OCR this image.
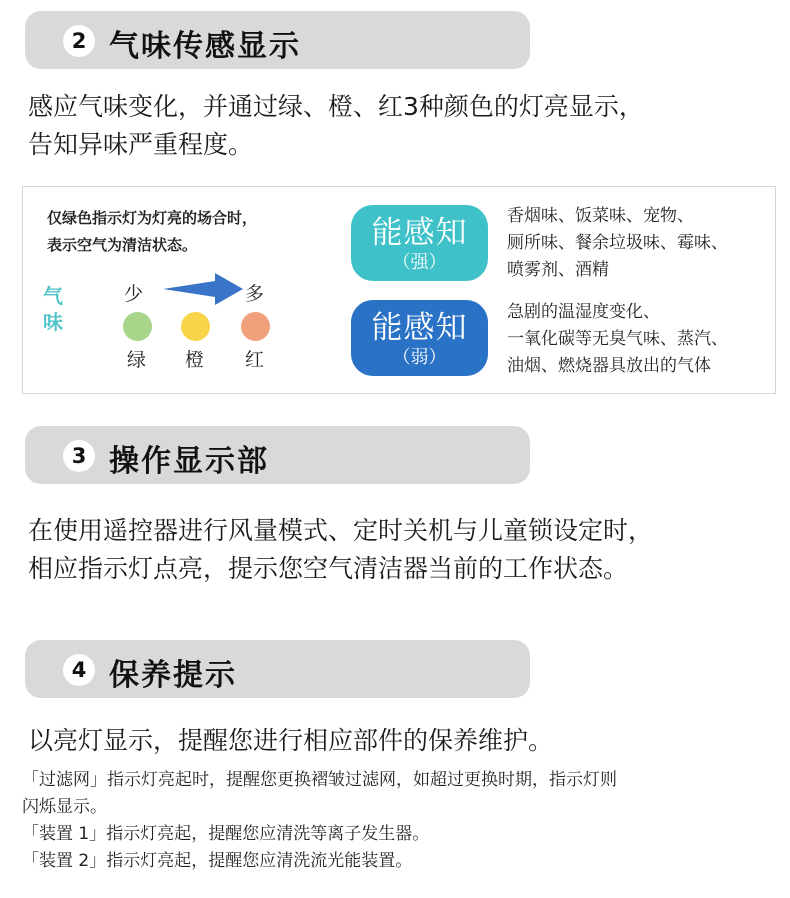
2 气味传感显示
感应气味变化，并通过绿、橙、红3种颜色的灯亮显示，
告知异味严重程度。
仅绿色指示灯为灯亮的场合时，
表示空气为清洁状态。
气味
少	多
绿 橙 红
能感知
（强）
香烟味、饭菜味、宠物、
厕所味、餐余垃圾味、霉味、
喷雾剂、酒精
能感知
（弱）
急剧的温湿度变化、
一氧化碳等无臭气味、蒸汽、
油烟、燃烧器具放出的气体
3 操作显示部
在使用遥控器进行风量模式、定时关机与儿童锁设定时，
相应指示灯点亮，提示您空气清洁器当前的工作状态。
4 保养提示
以亮灯显示，提醒您进行相应部件的保养维护。
「过滤网」指示灯亮起时，提醒您更换褶皱过滤网，如超过更换时期，指示灯则
闪烁显示。
「装置 1」指示灯亮起，提醒您应清洗等离子发生器。
「装置 2」指示灯亮起，提醒您应清洗流光能装置。
